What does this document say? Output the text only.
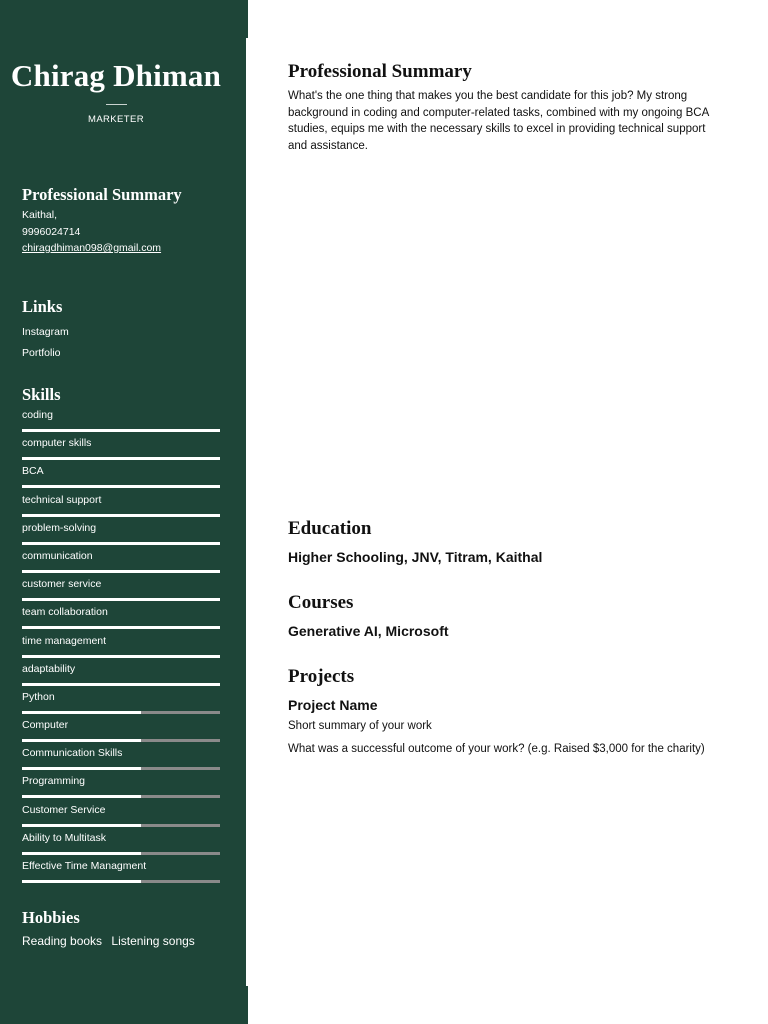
Chirag Dhiman
MARKETER
Professional Summary
Kaithal,
9996024714
chiragdhiman098@gmail.com
Links
Instagram
Portfolio
Skills
coding
computer skills
BCA
technical support
problem-solving
communication
customer service
team collaboration
time management
adaptability
Python
Computer
Communication Skills
Programming
Customer Service
Ability to Multitask
Effective Time Managment
Hobbies
Reading books Listening songs
Professional Summary
What's the one thing that makes you the best candidate for this job? My strong background in coding and computer-related tasks, combined with my ongoing BCA studies, equips me with the necessary skills to excel in providing technical support and assistance.
Education
Higher Schooling, JNV, Titram, Kaithal
Courses
Generative AI, Microsoft
Projects
Project Name
Short summary of your work
What was a successful outcome of your work? (e.g. Raised $3,000 for the charity)
